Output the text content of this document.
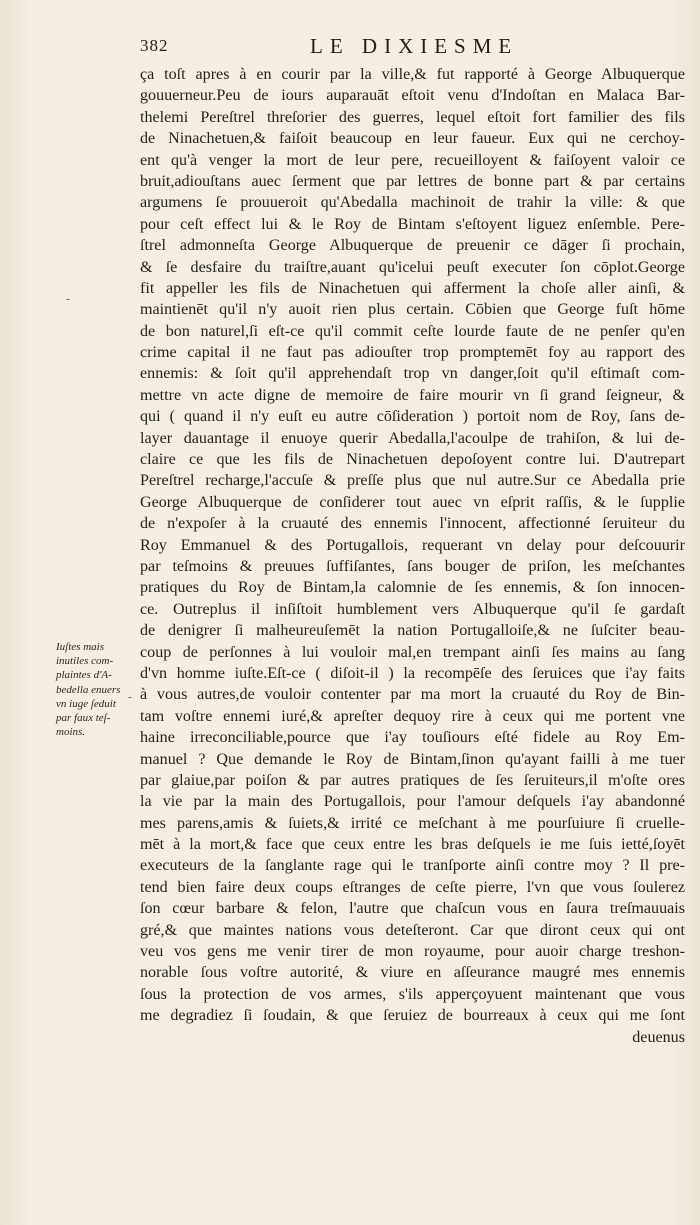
382	LE DIXIESME
-
-
Iuſtes mais
inutiles com-
plaintes d'A-
bedella enuers
vn iuge ſeduit
par faux teſ-
moins.
ça toſt apres à en courir par la ville,& fut rapporté à George Albuquerque
gouuerneur.Peu de iours auparauāt eſtoit venu d'Indoſtan en Malaca Bar-
thelemi Pereſtrel threſorier des guerres, lequel eſtoit fort familier des fils
de Ninachetuen,& faiſoit beaucoup en leur faueur. Eux qui ne cerchoy-
ent qu'à venger la mort de leur pere, recueilloyent & faiſoyent valoir ce
bruit,adiouſtans auec ſerment que par lettres de bonne part & par certains
argumens ſe prouueroit qu'Abedalla machinoit de trahir la ville: & que
pour ceſt effect lui & le Roy de Bintam s'eſtoyent liguez enſemble. Pere-
ſtrel admonneſta George Albuquerque de preuenir ce dāger ſi prochain,
& ſe desfaire du traiſtre,auant qu'icelui peuſt executer ſon cōplot.George
fit appeller les fils de Ninachetuen qui afferment la choſe aller ainſi, &
maintienēt qu'il n'y auoit rien plus certain. Cōbien que George fuſt hōme
de bon naturel,ſi eſt-ce qu'il commit ceſte lourde faute de ne penſer qu'en
crime capital il ne faut pas adiouſter trop promptemēt foy au rapport des
ennemis: & ſoit qu'il apprehendaſt trop vn danger,ſoit qu'il eſtimaſt com-
mettre vn acte digne de memoire de faire mourir vn ſi grand ſeigneur, &
qui ( quand il n'y euſt eu autre cōſideration ) portoit nom de Roy, ſans de-
layer dauantage il enuoye querir Abedalla,l'acoulpe de trahiſon, & lui de-
claire ce que les fils de Ninachetuen depoſoyent contre lui. D'autrepart
Pereſtrel recharge,l'accuſe & preſſe plus que nul autre.Sur ce Abedalla prie
George Albuquerque de conſiderer tout auec vn eſprit raſſis, & le ſupplie
de n'expoſer à la cruauté des ennemis l'innocent, affectionné ſeruiteur du
Roy Emmanuel & des Portugallois, requerant vn delay pour deſcouurir
par teſmoins & preuues ſuffiſantes, ſans bouger de priſon, les meſchantes
pratiques du Roy de Bintam,la calomnie de ſes ennemis, & ſon innocen-
ce. Outreplus il inſiſtoit humblement vers Albuquerque qu'il ſe gardaſt
de denigrer ſi malheureuſemēt la nation Portugalloiſe,& ne ſuſciter beau-
coup de perſonnes à lui vouloir mal,en trempant ainſi ſes mains au ſang
d'vn homme iuſte.Eſt-ce ( diſoit-il ) la recompēſe des ſeruices que i'ay faits
à vous autres,de vouloir contenter par ma mort la cruauté du Roy de Bin-
tam voſtre ennemi iuré,& apreſter dequoy rire à ceux qui me portent vne
haine irreconciliable,pource que i'ay touſiours eſté fidele au Roy Em-
manuel ? Que demande le Roy de Bintam,ſinon qu'ayant failli à me tuer
par glaiue,par poiſon & par autres pratiques de ſes ſeruiteurs,il m'oſte ores
la vie par la main des Portugallois, pour l'amour deſquels i'ay abandonné
mes parens,amis & ſuiets,& irrité ce meſchant à me pourſuiure ſi cruelle-
mēt à la mort,& face que ceux entre les bras deſquels ie me ſuis ietté,ſoyēt
executeurs de la ſanglante rage qui le tranſporte ainſi contre moy ? Il pre-
tend bien faire deux coups eſtranges de ceſte pierre, l'vn que vous ſoulerez
ſon cœur barbare & felon, l'autre que chaſcun vous en ſaura treſmauuais
gré,& que maintes nations vous deteſteront. Car que diront ceux qui ont
veu vos gens me venir tirer de mon royaume, pour auoir charge treshon-
norable ſous voſtre autorité, & viure en aſſeurance maugré mes ennemis
ſous la protection de vos armes, s'ils apperçoyuent maintenant que vous
me degradiez ſi ſoudain, & que ſeruiez de bourreaux à ceux qui me ſont
deuenus
